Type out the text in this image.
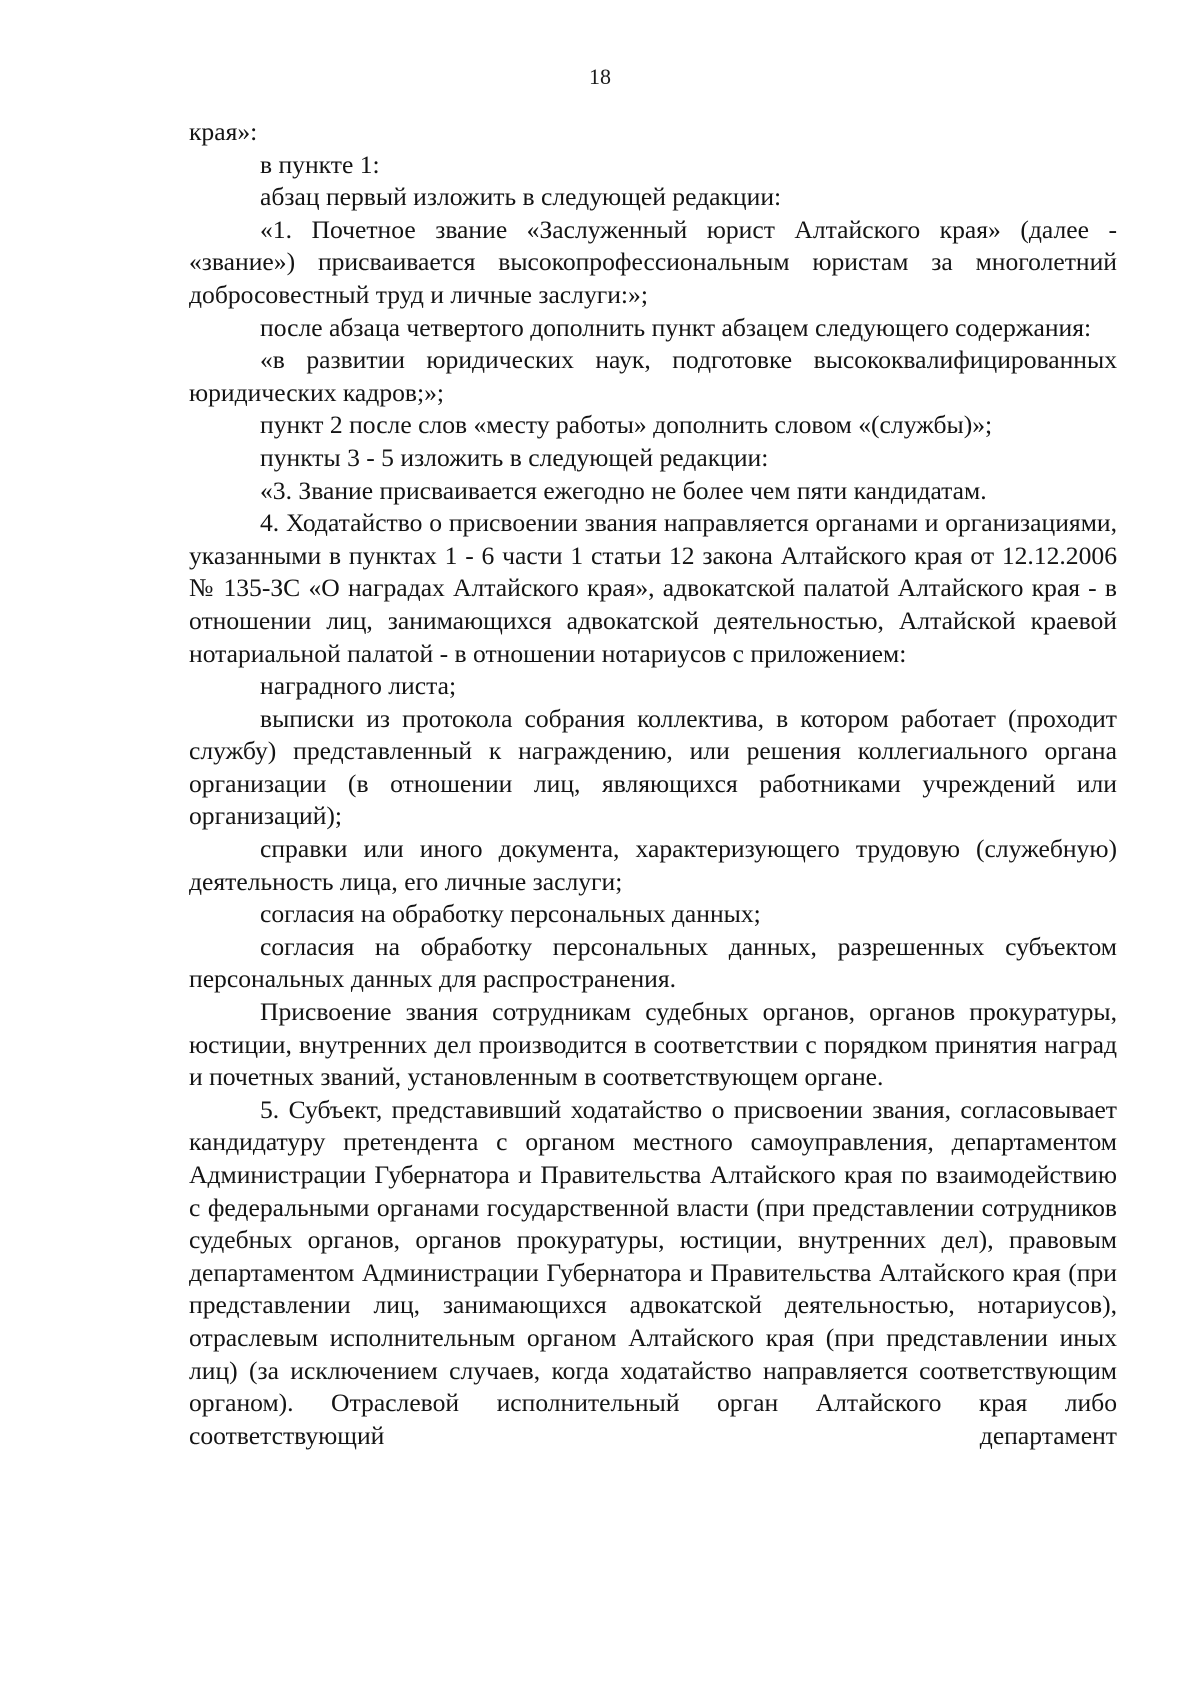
18

края»:

в пункте 1:

абзац первый изложить в следующей редакции:

«1. Почетное звание «Заслуженный юрист Алтайского края» (далее - «звание») присваивается высокопрофессиональным юристам за многолетний добросовестный труд и личные заслуги:»;

после абзаца четвертого дополнить пункт абзацем следующего содержания:

«в развитии юридических наук, подготовке высококвалифицированных юридических кадров;»;

пункт 2 после слов «месту работы» дополнить словом «(службы)»;

пункты 3 - 5 изложить в следующей редакции:

«3. Звание присваивается ежегодно не более чем пяти кандидатам.

4. Ходатайство о присвоении звания направляется органами и организациями, указанными в пунктах 1 - 6 части 1 статьи 12 закона Алтайского края от 12.12.2006 № 135-ЗС «О наградах Алтайского края», адвокатской палатой Алтайского края - в отношении лиц, занимающихся адвокатской деятельностью, Алтайской краевой нотариальной палатой - в отношении нотариусов с приложением:

наградного листа;

выписки из протокола собрания коллектива, в котором работает (проходит службу) представленный к награждению, или решения коллегиального органа организации (в отношении лиц, являющихся работниками учреждений или организаций);

справки или иного документа, характеризующего трудовую (служебную) деятельность лица, его личные заслуги;

согласия на обработку персональных данных;

согласия на обработку персональных данных, разрешенных субъектом персональных данных для распространения.

Присвоение звания сотрудникам судебных органов, органов прокуратуры, юстиции, внутренних дел производится в соответствии с порядком принятия наград и почетных званий, установленным в соответствующем органе.

5. Субъект, представивший ходатайство о присвоении звания, согласовывает кандидатуру претендента с органом местного самоуправления, департаментом Администрации Губернатора и Правительства Алтайского края по взаимодействию с федеральными органами государственной власти (при представлении сотрудников судебных органов, органов прокуратуры, юстиции, внутренних дел), правовым департаментом Администрации Губернатора и Правительства Алтайского края (при представлении лиц, занимающихся адвокатской деятельностью, нотариусов), отраслевым исполнительным органом Алтайского края (при представлении иных лиц) (за исключением случаев, когда ходатайство направляется соответствующим органом). Отраслевой исполнительный орган Алтайского края либо соответствующий департамент
